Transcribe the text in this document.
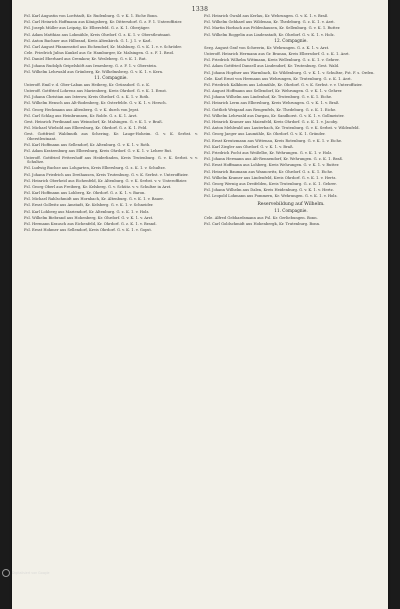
1338
Fsl. Karl Augustin von Loefstadt, Kr. Rudenburg. G. v. K. 1. Eiche Bonn.
Fsl. Carl Heinrich Hoffmann aus Königsberg, Kr. Dittersdorf. G. z. F. 1. Unteroffizier.
Fsl. Joseph Müller aus Leipzig, Kr. Elbersfeld. G. z. K. 1. Oberjäger.
Fsl. Adam Matthias aus Lohmühle, Kreis Ohrdorf. G. z. K. 1. v. Oberstleutnant.
Fsl. Anton Bachner aus Hilbrand, Kreis Altenkirch. G. 1. J. 1. v. Karl.
Fsl. Carl August Pfannenstiel aus Eichendorf, Kr. Malsburg. G. v. K. 1. v. v. Schröder.
Cele. Friedrich Julius Kunkel aus Gr. Hamburger, Kr. Malsingen. G. z. F. 1. Brod.
Fsl. Daniel Eberhard aus Cremkow, Kr. Wesleberg. G. v. K. 1. Rut.
Fsl. Johann Rudolph Geipelshöft aus Irmesberg. G. z. F. 1. v. Oberstein.
Fsl. Wilhelm Lehrwald aus Grünberg, Kr. Wilhelmsberg. G. v. K. 1. v. Kern.
11. Compagnie.
Unteroff. Emil v. d. Ober-Laban aus Heiberg, Kr. Grünsdorf. G. z. K.
Unteroff. Gottfried Lohrenz aus Marienberg, Kreis Ohrdorf. G. v. K. 1. Ernst.
Fsl. Johann Christian aus Isterow, Kreis Ohrdorf. G. z. K. 1. v. Roth.
Fsl. Wilhelm Hensch aus Alt-Bodenberg, Kr. Osterfelde. G. v. K. 1. v. Hersch.
Fsl. Georg Heckmann aus Altenberg. G. v. K. durch von Jepst.
Fsl. Carl Schlag aus Heinbrunnen, Kr. Rolde. G. z. K. 1. Arzt.
Gest. Heinrich Ferdinand aus Weinsdorf, Kr. Malsingen. G. v. K. 1. v. Braß.
Fsl. Michael Wiebold aus Elbersburg, Kr. Ohrdorf. G. z. K. 1. Feld.
Gest. Gottfried Waldmuth aus Schering, Kr. Lauge-Hoheim. G. v. K. Serbst. v. Oberstleutnant.
Fsl. Karl Hoffmann aus Sellendorf, Kr. Altenburg. G. v. K. 1. v. Roth.
Fsl. Adam Kratzenburg aus Elbersburg, Kreis Ohrdorf. G. v. K. 1. v. Lehrer Rut.
Unteroff. Gottfried Fettershoff aus Heiderlinden, Kreis Trutenburg. G. v. K. Serbst. v. v. Schultze.
Fsl. Ludwig Buchse aus Lohgarten, Kreis Elbersburg. G. z. K. 1. v. Schultze.
Fsl. Johann Friedrich aus Dreihausen, Kreis Trutenburg. G. v. K. Serbst. v. Unteroffizier.
Fsl. Heinrich Oberheid aus Eichenfeld, Kr. Altenburg. G. v. K. Serbst. v. v. Unteroffizier.
Fsl. Georg Oberl aus Freiberg, Kr. Kelsberg. G. v. Schütz. v. v. Schultze in Arzt.
Fsl. Karl Hoffmann aus Lohberg, Kr. Ohrdorf. G. z. K. 1. v. Baron.
Fsl. Michael Rahlschmidt aus Hornbach, Kr. Altenburg. G. v. K. 1. v. Bauer.
Fsl. Ernst Gollwitz aus Amstadt, Kr. Kelsberg. G. v. K. 1. v. Schneider.
Fsl. Karl Lohberg aus Mariendorf, Kr. Altenburg. G. z. K. 1. v. Holz.
Fsl. Wilhelm Biebrand aus Hohenberg, Kr. Ohrdorf. G. v. K. 1. v. Arzt.
Fsl. Hermann Krausch aus Eichenfeld, Kr. Ohrdorf. G. z. K. 1. v. Brand.
Fsl. Ernst Hohmer aus Sellendorf, Kreis Ohrdorf. G. v. K. 1. v. Gopst.
Fsl. Heinrich Gwald aus Kerlau, Kr. Wehrungen. G. v. K. 1. v. Braß.
Fsl. Wilhelm Gebhard aus Wildenau, Kr. Thedeburg. G. z. K. 1. v. Arzt.
Fsl. Martin Horbach aus Feldenhausen, Kr. Sellenburg. G. v. K. 1. Rutter.
Fsl. Wilhelm Roggelin aus Lindenstadt, Kr. Ohrdorf. G. v. K. 1. v. Holz.
12. Compagnie.
Serg. August Graf von Schwerin, Kr. Wehrungen. G. z. K. 1. v. Arzt.
Unteroff. Heinrich Hermann aus Gr. Branau, Kreis Elbersdorf. G. z. K. 1. Arzt.
Fsl. Friedrich Wilhelm Wittmann, Kreis Wellenburg. G. z. K. 1. v. Gehrer.
Fsl. Adam Gottfried Dansell aus Lindendorf, Kr. Trutenburg. Gest. Wald.
Fsl. Johann Hopfner aus Warmbach, Kr. Wildenburg. G. v. K. 1. v. Schultze, Fst. F. s. Orden.
Cele. Karl Ernst von Hermann aus Wehrungen, Kr. Trutenburg. G. z. K. 1. Arzt.
Fsl. Friedrich Kalkborn aus Lohmühle, Kr. Ohrdorf. G. v. K. Serbst. v. v. Unteroffizier.
Fsl. August Hoffmann aus Sellendorf, Kr. Wehrungen. G. v. K. 1. v. Gehrer.
Fsl. Johann Wilhelm aus Lindenhof, Kr. Trutenburg. G. v. K. 1. Eiche.
Fsl. Heinrich Lerm aus Elbersburg, Kreis Wehrungen. G. v. K. 1. v. Braß.
Fsl. Gottlieb Weigand aus Rengenfels, Kr. Thedeburg. G. z. K. 1. Eiche.
Fsl. Wilhelm Lehrwald aus Dargau, Kr. Sandhorst. G. v. K. 1. v. Gollmeister.
Fsl. Heinrich Kramer aus Maienfeld, Kreis Ohrdorf. G. z. K. 1. v. Jacoby.
Fsl. Anton Mehlwald aus Lauterbach, Kr. Trutenburg. G. v. K. Serbst. v. Wildenfeld.
Fsl. Georg Jaeger aus Laumühle, Kr. Ohrdorf. G. v. K. 1. Gründer.
Fsl. Ernst Kreutzmann aus Wittenau, Kreis Rotenburg. G. v. K. 1. v. Eiche.
Fsl. Karl Ziegler aus Ohrdorf. G. v. K. 1. v. Braß.
Fsl. Friedrich Pocht aus Weißelbe, Kr. Wehrungen. G. v. K. 1. v. Holz.
Fsl. Johann Hermann aus Alt-Rennendorf, Kr. Wehrungen. G. z. K. 1. Braß.
Fsl. Ernst Hoffmann aus Lohberg, Kreis Wehrungen. G. v. K. 1. v. Rutter.
Fsl. Heinrich Baumann aus Wannowitz, Kr. Ohrdorf. G. z. K. 1. Eiche.
Fsl. Wilhelm Kramer aus Lindenfeld, Kreis Ohrdorf. G. v. K. 1. v. Hertz.
Fsl. Georg Wernig aus Dreifelden, Kreis Trutenburg. G. z. K. 1. Gehrer.
Fsl. Johann Wilhelm aus Dalen, Kreis Heidenburg. G. v. K. 1. v. Hertz.
Fsl. Leopold Lohmann aus Pommern, Kr. Wehrungen. G. v. K. 1. v. Holz.
Reservebildung auf Wilhelm.
11. Compagnie.
Cele. Alfred Gebhardsmann aus Fsl. Kr. Gerliebungen. Bonn.
Fsl. Carl Goldschmidt aus Hohenbergk, Kr. Trutenburg. Bonn.
Digitalisiert von Google
